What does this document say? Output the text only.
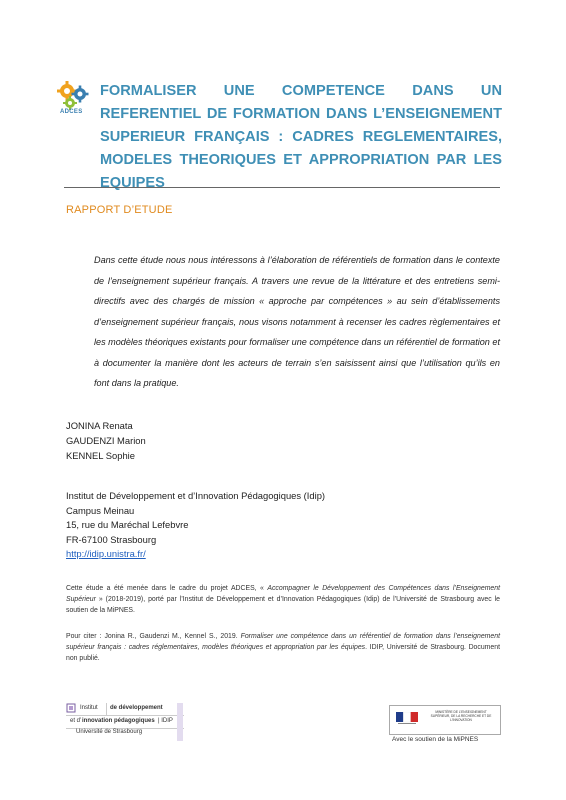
ADCES
FORMALISER UNE COMPETENCE DANS UN REFERENTIEL DE FORMATION DANS L’ENSEIGNEMENT SUPERIEUR FRANÇAIS : CADRES REGLEMENTAIRES, MODELES THEORIQUES ET APPROPRIATION PAR LES EQUIPES
RAPPORT D’ETUDE
Dans cette étude nous nous intéressons à l’élaboration de référentiels de formation dans le contexte de l’enseignement supérieur français. A travers une revue de la littérature et des entretiens semi-directifs avec des chargés de mission « approche par compétences » au sein d’établissements d’enseignement supérieur français, nous visons notamment à recenser les cadres règlementaires et les modèles théoriques existants pour formaliser une compétence dans un référentiel de formation et à documenter la manière dont les acteurs de terrain s’en saisissent ainsi que l’utilisation qu’ils en font dans la pratique.
JONINA Renata
GAUDENZI Marion
KENNEL Sophie
Institut de Développement et d’Innovation Pédagogiques (Idip)
Campus Meinau
15, rue du Maréchal Lefebvre
FR-67100 Strasbourg
http://idip.unistra.fr/
Cette étude a été menée dans le cadre du projet ADCES, « Accompagner le Développement des Compétences dans l’Enseignement Supérieur » (2018-2019), porté par l’Institut de Développement et d’Innovation Pédagogiques (Idip) de l’Université de Strasbourg avec le soutien de la MiPNES.
Pour citer : Jonina R., Gaudenzi M., Kennel S., 2019. Formaliser une compétence dans un référentiel de formation dans l’enseignement supérieur français : cadres réglementaires, modèles théoriques et appropriation par les équipes. IDIP, Université de Strasbourg. Document non publié.
Institut de développement
et d’ innovation pédagogiques | IDIP
Université de Strasbourg
MINISTÈRE DE L’ENSEIGNEMENT SUPÉRIEUR, DE LA RECHERCHE ET DE L’INNOVATION
Avec le soutien de la MiPNES
